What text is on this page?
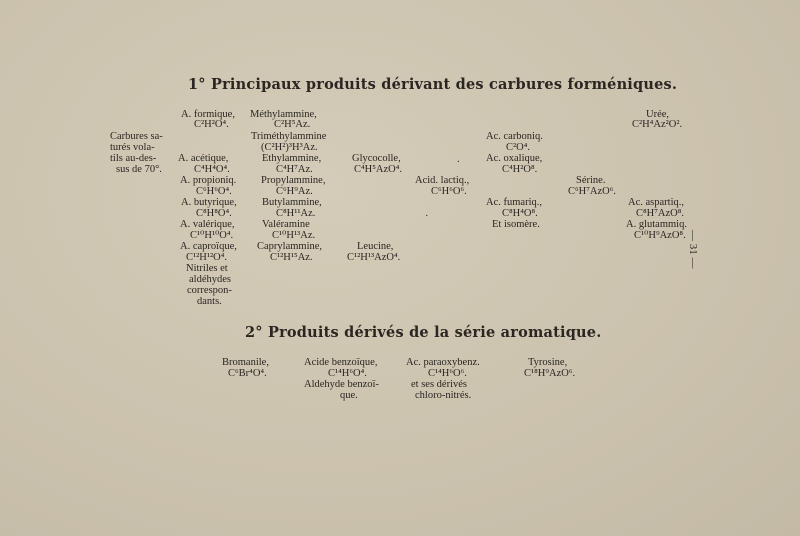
1° Principaux produits dérivant des carbures forméniques.
Carbures sa-
turés vola-
tils au-des-
sus de 70°.
A. formique,
C²H²O⁴.
A. acétique,
C⁴H⁴O⁴.
A. propioniq.
C⁶H⁶O⁴.
A. butyrique,
C⁸H⁸O⁴.
A. valérique,
C¹⁰H¹⁰O⁴.
A. caproïque,
C¹²H¹²O⁴.
Nitriles et
aldéhydes
correspon-
dants.
Méthylammine,
C²H⁵Az.
Triméthylammine
(C²H²)³H³Az.
Ethylammine,
C⁴H⁷Az.
Propylammine,
C⁶H⁹Az.
Butylammine,
C⁸H¹¹Az.
Valéramine
C¹⁰H¹³Az.
Caprylammine,
C¹²H¹⁵Az.
Glycocolle,
C⁴H⁵AzO⁴.
Leucine,
C¹²H¹³AzO⁴.
Acid. lactiq.,
C⁶H⁶O⁶.
Ac. carboniq.
C²O⁴.
Ac. oxalique,
C⁴H²O⁸.
Ac. fumariq.,
C⁸H⁴O⁸.
Et isomère.
Sérine.
C⁶H⁷AzO⁶.
Urée,
C²H⁴Az²O².
Ac. aspartiq.,
C⁸H⁷AzO⁸.
A. glutammiq.
C¹⁰H⁹AzO⁸.
.
·
2° Produits dérivés de la série aromatique.
Bromanile,
C⁶Br⁴O⁴.
Acide benzoïque,
C¹⁴H⁶O⁴.
Aldehyde benzoï-
que.
Ac. paraoxybenz.
C¹⁴H⁶O⁶.
et ses dérivés
chloro-nitrés.
Tyrosine,
C¹⁸H⁹AzO⁶.
— 31 —
